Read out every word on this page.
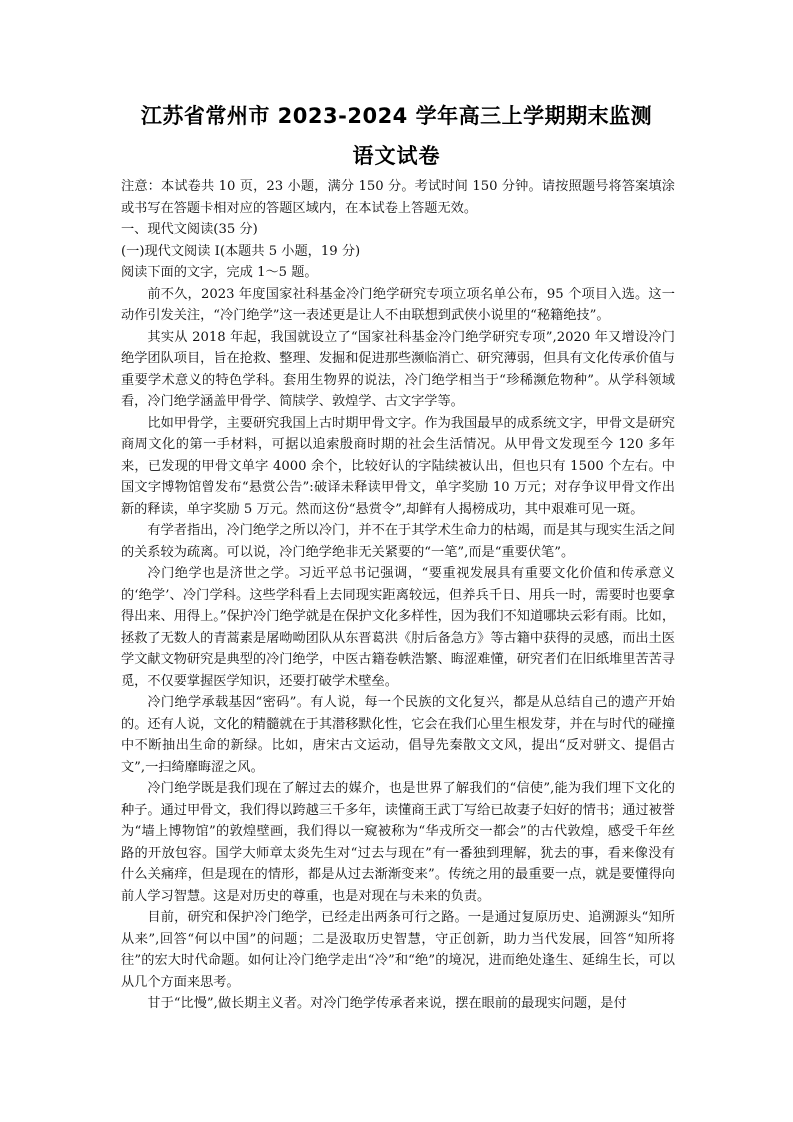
江苏省常州市 2023-2024 学年高三上学期期末监测
语文试卷

注意：本试卷共 10 页，23 小题，满分 150 分。考试时间 150 分钟。请按照题号将答案填涂或书写在答题卡相对应的答题区域内，在本试卷上答题无效。

一、现代文阅读(35 分)

(一)现代文阅读 I(本题共 5 小题，19 分)

阅读下面的文字，完成 1～5 题。

前不久，2023 年度国家社科基金冷门绝学研究专项立项名单公布，95 个项目入选。这一动作引发关注，“冷门绝学”这一表述更是让人不由联想到武侠小说里的“秘籍绝技”。

其实从 2018 年起，我国就设立了“国家社科基金冷门绝学研究专项”,2020 年又增设冷门绝学团队项目，旨在抢救、整理、发掘和促进那些濒临消亡、研究薄弱，但具有文化传承价值与重要学术意义的特色学科。套用生物界的说法，冷门绝学相当于“珍稀濒危物种”。从学科领域看，冷门绝学涵盖甲骨学、简牍学、敦煌学、古文字学等。

比如甲骨学，主要研究我国上古时期甲骨文字。作为我国最早的成系统文字，甲骨文是研究商周文化的第一手材料，可据以追索殷商时期的社会生活情况。从甲骨文发现至今 120 多年来，已发现的甲骨文单字 4000 余个，比较好认的字陆续被认出，但也只有 1500 个左右。中国文字博物馆曾发布“悬赏公告”:破译未释读甲骨文，单字奖励 10 万元；对存争议甲骨文作出新的释读，单字奖励 5 万元。然而这份“悬赏令”,却鲜有人揭榜成功，其中艰难可见一斑。

有学者指出，冷门绝学之所以冷门，并不在于其学术生命力的枯竭，而是其与现实生活之间的关系较为疏离。可以说，冷门绝学绝非无关紧要的“一笔”,而是“重要伏笔”。

冷门绝学也是济世之学。习近平总书记强调，“要重视发展具有重要文化价值和传承意义的‘绝学’、冷门学科。这些学科看上去同现实距离较远，但养兵千日、用兵一时，需要时也要拿得出来、用得上。”保护冷门绝学就是在保护文化多样性，因为我们不知道哪块云彩有雨。比如，拯救了无数人的青蒿素是屠呦呦团队从东晋葛洪《肘后备急方》等古籍中获得的灵感，而出土医学文献文物研究是典型的冷门绝学，中医古籍卷帙浩繁、晦涩难懂，研究者们在旧纸堆里苦苦寻觅，不仅要掌握医学知识，还要打破学术壁垒。

冷门绝学承载基因“密码”。有人说，每一个民族的文化复兴，都是从总结自己的遗产开始的。还有人说，文化的精髓就在于其潜移默化性，它会在我们心里生根发芽，并在与时代的碰撞中不断抽出生命的新绿。比如，唐宋古文运动，倡导先秦散文文风，提出“反对骈文、提倡古文”,一扫绮靡晦涩之风。

冷门绝学既是我们现在了解过去的媒介，也是世界了解我们的“信使”,能为我们埋下文化的种子。通过甲骨文，我们得以跨越三千多年，读懂商王武丁写给已故妻子妇好的情书；通过被誉为“墙上博物馆”的敦煌壁画，我们得以一窥被称为“华戎所交一都会”的古代敦煌，感受千年丝路的开放包容。国学大师章太炎先生对“过去与现在”有一番独到理解，犹去的事，看来像没有什么关痛痒，但是现在的情形，都是从过去渐渐变来”。传统之用的最重要一点，就是要懂得向前人学习智慧。这是对历史的尊重，也是对现在与未来的负责。

目前，研究和保护冷门绝学，已经走出两条可行之路。一是通过复原历史、追溯源头“知所从来”,回答“何以中国”的问题；二是汲取历史智慧，守正创新，助力当代发展，回答“知所将往”的宏大时代命题。如何让冷门绝学走出“冷”和“绝”的境况，进而绝处逢生、延绵生长，可以从几个方面来思考。

甘于“比慢”,做长期主义者。对冷门绝学传承者来说，摆在眼前的最现实问题，是付
